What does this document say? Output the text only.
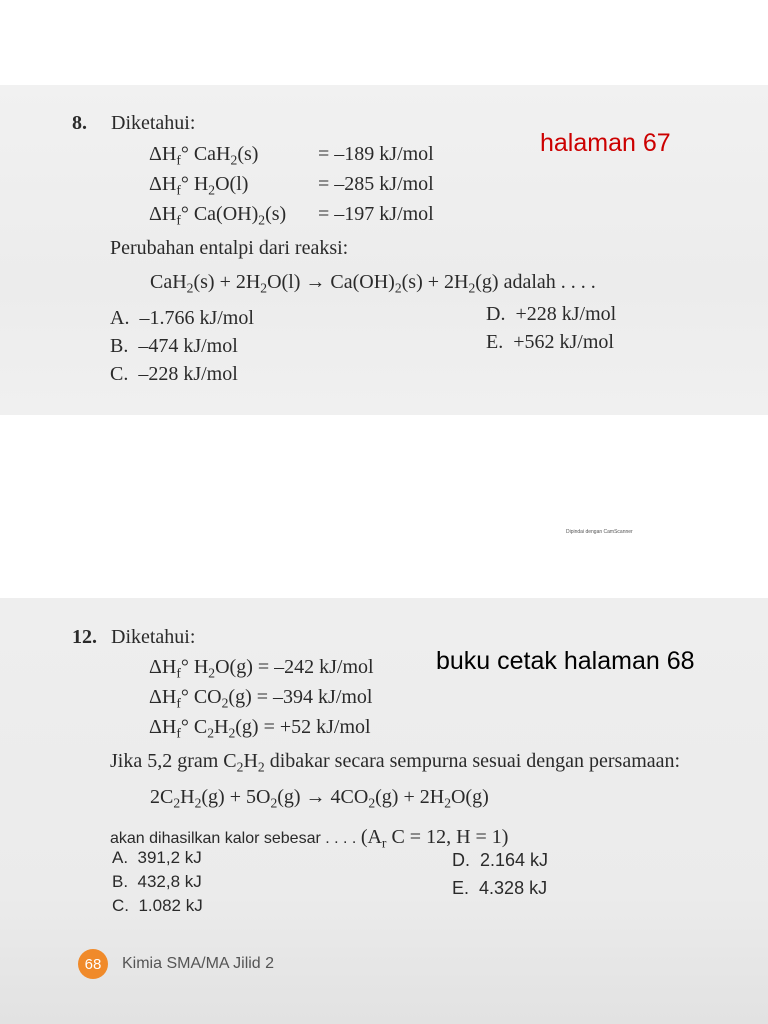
8. Diketahui:
$\Delta H_f^\circ$ CaH$_2$(s)	= –189 kJ/mol
$\Delta H_f^\circ$ $H_2O(l)$	= –285 kJ/mol
$\Delta H_f^\circ$ $Ca(OH)_2(s) = -197$ kJ/mol
Perubahan entalpi dari reaksi:
$CaH_2(s) + 2H_2O(l) \to Ca(OH)_2(s) + 2H_2(g)$ adalah . . . .
A. –1.766 kJ/mol
B. –474 kJ/mol
C. –228 kJ/mol
D. +228 kJ/mol
E. +562 kJ/mol
halaman 67
Dipindai dengan CamScanner
12. Diketahui:
$\Delta H_f^\circ$ $H_2O(g) = -242$ kJ/mol
$\Delta H_f^\circ$ $CO_2(g) = -394$ kJ/mol
$\Delta H_f^\circ$ $C_2H_2(g) = +52$ kJ/mol
Jika 5,2 gram $C_2H_2$ dibakar secara sempurna sesuai dengan persamaan:
$2C_2H_2(g) + 5O_2(g) \to 4CO_2(g) + 2H_2O(g)$
akan dihasilkan kalor sebesar . . . . ($A_r$ C = 12, H = 1)
A. 391,2 kJ
B. 432,8 kJ
C. 1.082 kJ
D. 2.164 kJ
E. 4.328 kJ
68	Kimia SMA/MA Jilid 2
buku cetak halaman 68
